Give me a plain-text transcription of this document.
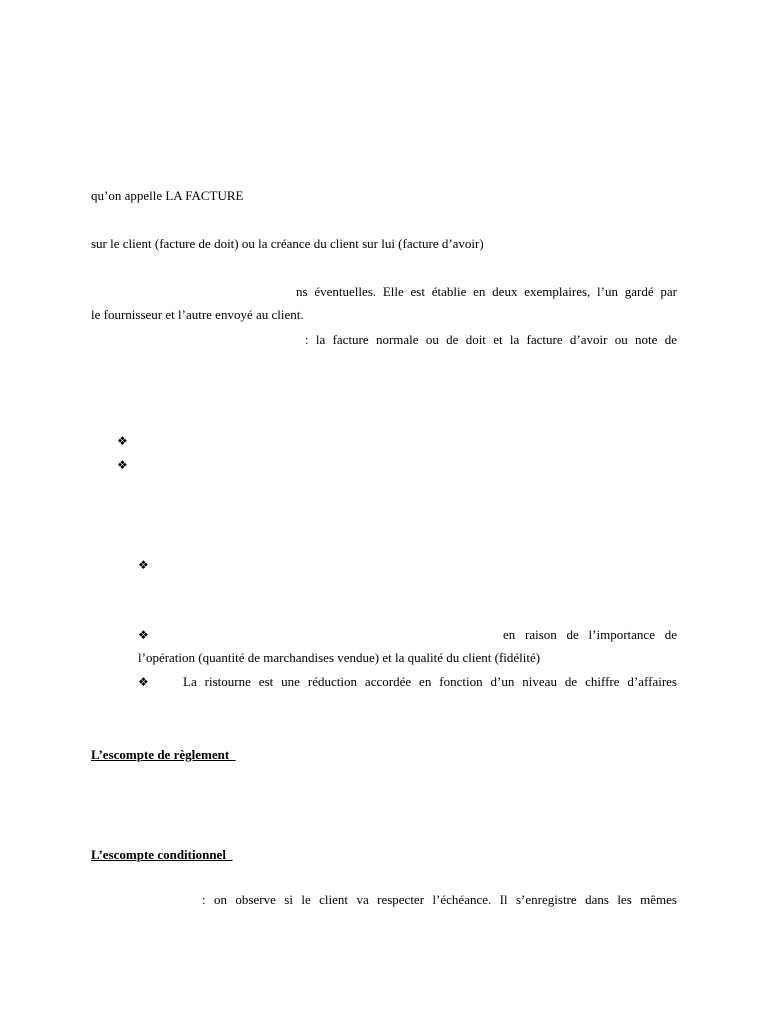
qu’on appelle LA FACTURE
sur le client (facture de doit) ou la créance du client sur lui (facture d’avoir)
ns éventuelles. Elle est établie en deux exemplaires, l’un gardé par
le fournisseur et l’autre envoyé au client.
: la facture normale ou de doit et la facture d’avoir ou note de
❖
❖
❖
❖	en raison de l’importance de
l’opération (quantité de marchandises vendue) et la qualité du client (fidélité)
❖	La ristourne est une réduction accordée en fonction d’un niveau de chiffre d’affaires
L’escompte de règlement
L’escompte conditionnel
: on observe si le client va respecter l’échéance. Il s’enregistre dans les mêmes
